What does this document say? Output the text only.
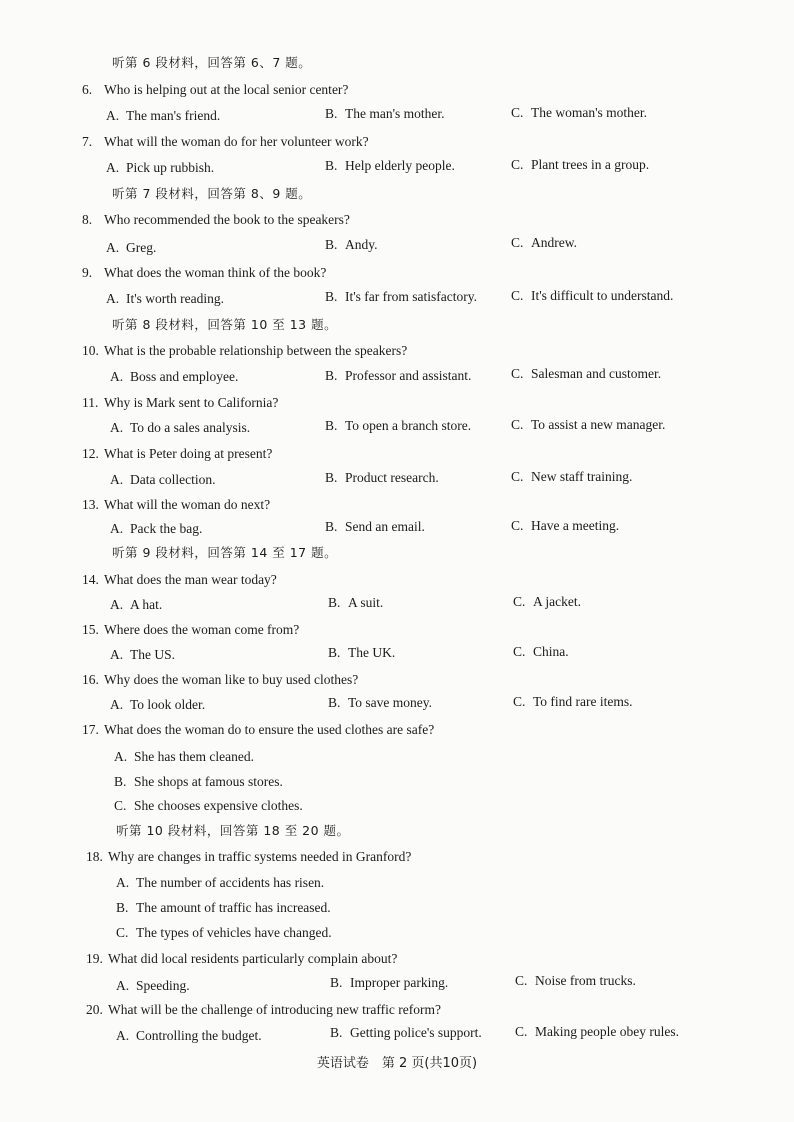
听第 6 段材料，回答第 6、7 题。
6. Who is helping out at the local senior center?
A. The man's friend.	B. The man's mother.	C. The woman's mother.
7. What will the woman do for her volunteer work?
A. Pick up rubbish.	B. Help elderly people.	C. Plant trees in a group.
听第 7 段材料，回答第 8、9 题。
8. Who recommended the book to the speakers?
A. Greg.	B. Andy.	C. Andrew.
9. What does the woman think of the book?
A. It's worth reading.	B. It's far from satisfactory.	C. It's difficult to understand.
听第 8 段材料，回答第 10 至 13 题。
10. What is the probable relationship between the speakers?
A. Boss and employee.	B. Professor and assistant.	C. Salesman and customer.
11. Why is Mark sent to California?
A. To do a sales analysis.	B. To open a branch store.	C. To assist a new manager.
12. What is Peter doing at present?
A. Data collection.	B. Product research.	C. New staff training.
13. What will the woman do next?
A. Pack the bag.	B. Send an email.	C. Have a meeting.
听第 9 段材料，回答第 14 至 17 题。
14. What does the man wear today?
A. A hat.	B. A suit.	C. A jacket.
15. Where does the woman come from?
A. The US.	B. The UK.	C. China.
16. Why does the woman like to buy used clothes?
A. To look older.	B. To save money.	C. To find rare items.
17. What does the woman do to ensure the used clothes are safe?
A. She has them cleaned.
B. She shops at famous stores.
C. She chooses expensive clothes.
听第 10 段材料，回答第 18 至 20 题。
18. Why are changes in traffic systems needed in Granford?
A. The number of accidents has risen.
B. The amount of traffic has increased.
C. The types of vehicles have changed.
19. What did local residents particularly complain about?
A. Speeding.	B. Improper parking.	C. Noise from trucks.
20. What will be the challenge of introducing new traffic reform?
A. Controlling the budget.	B. Getting police's support. C. Making people obey rules.
英语试卷　第 2 页(共10页)
